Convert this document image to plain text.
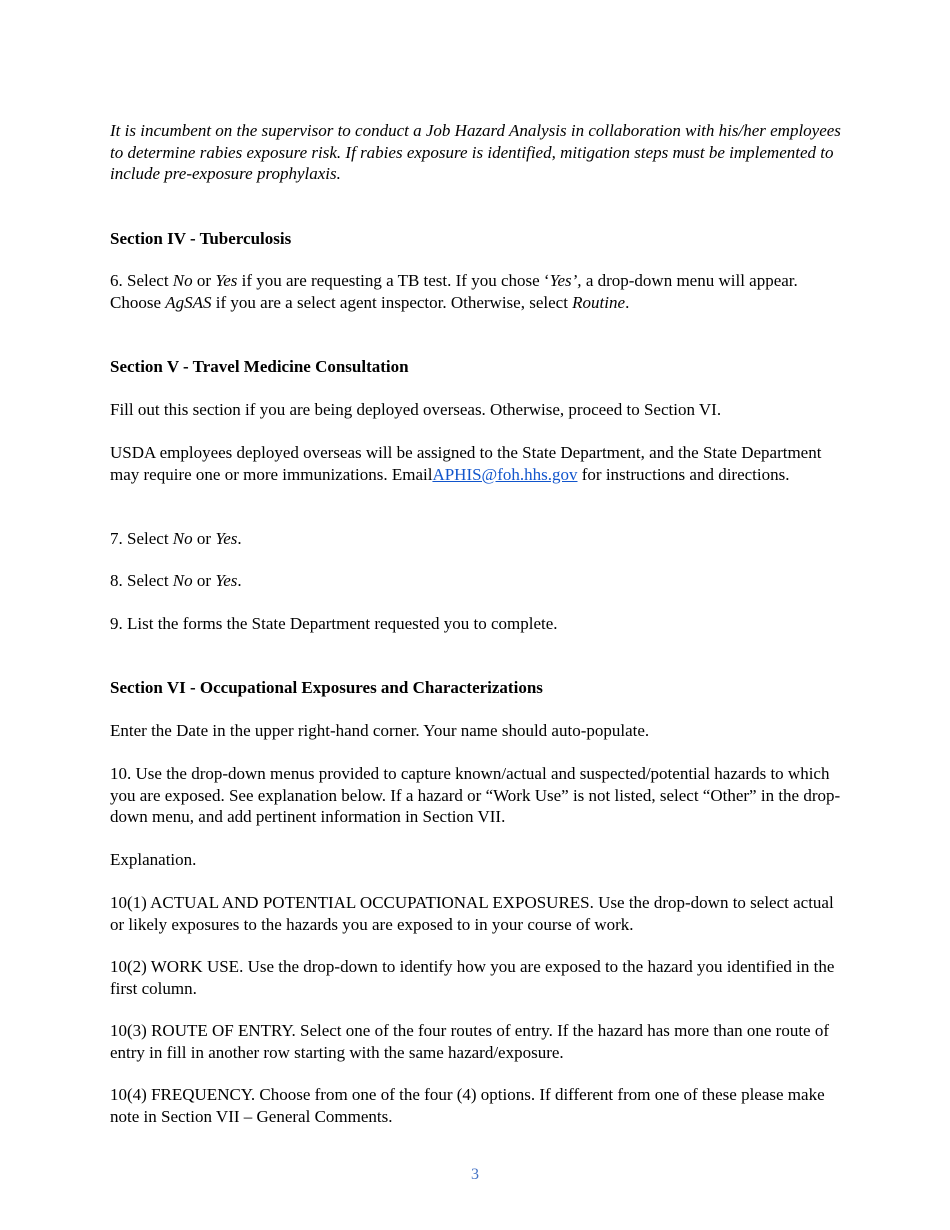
It is incumbent on the supervisor to conduct a Job Hazard Analysis in collaboration with his/her employees to determine rabies exposure risk. If rabies exposure is identified, mitigation steps must be implemented to include pre-exposure prophylaxis.

Section IV - Tuberculosis

6. Select No or Yes if you are requesting a TB test. If you chose ‘Yes’, a drop-down menu will appear. Choose AgSAS if you are a select agent inspector. Otherwise, select Routine.

Section V - Travel Medicine Consultation

Fill out this section if you are being deployed overseas. Otherwise, proceed to Section VI.

USDA employees deployed overseas will be assigned to the State Department, and the State Department may require one or more immunizations. EmailAPHIS@foh.hhs.gov for instructions and directions.

7. Select No or Yes.

8. Select No or Yes.

9. List the forms the State Department requested you to complete.

Section VI - Occupational Exposures and Characterizations

Enter the Date in the upper right-hand corner. Your name should auto-populate.

10. Use the drop-down menus provided to capture known/actual and suspected/potential hazards to which you are exposed. See explanation below. If a hazard or “Work Use” is not listed, select “Other” in the drop-down menu, and add pertinent information in Section VII.

Explanation.

10(1) ACTUAL AND POTENTIAL OCCUPATIONAL EXPOSURES. Use the drop-down to select actual or likely exposures to the hazards you are exposed to in your course of work.

10(2) WORK USE. Use the drop-down to identify how you are exposed to the hazard you identified in the first column.

10(3) ROUTE OF ENTRY. Select one of the four routes of entry. If the hazard has more than one route of entry in fill in another row starting with the same hazard/exposure.

10(4) FREQUENCY. Choose from one of the four (4) options. If different from one of these please make note in Section VII – General Comments.

3
